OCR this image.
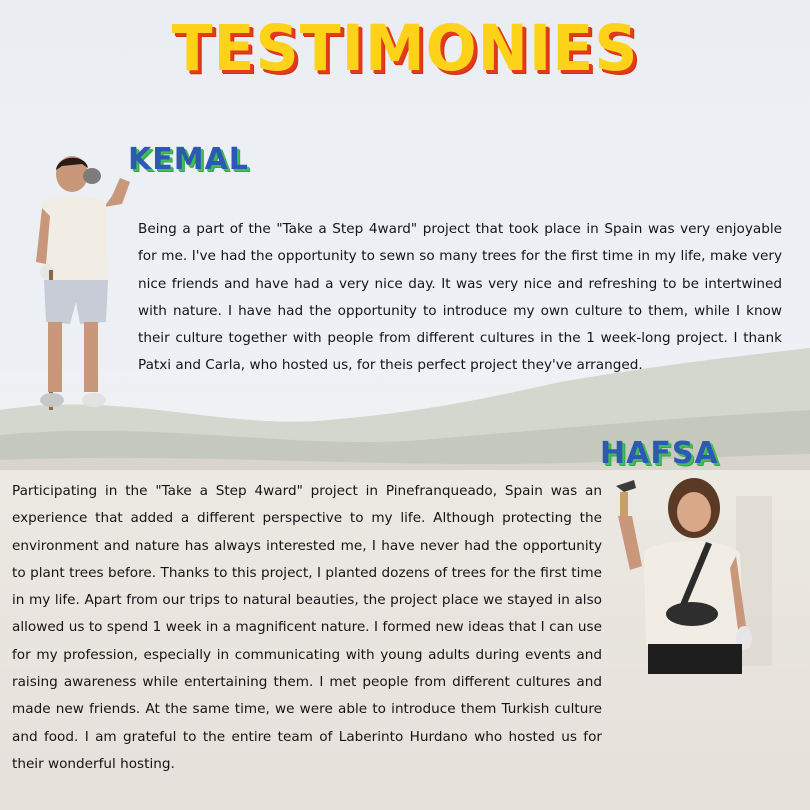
TESTIMONIES
KEMAL

Being a part of the "Take a Step 4ward" project that took place in Spain was very enjoyable for me. I've had the opportunity to sewn so many trees for the first time in my life, make very nice friends and have had a very nice day. It was very nice and refreshing to be intertwined with nature. I have had the opportunity to introduce my own culture to them, while I know their culture together with people from different cultures in the 1 week-long project. I thank Patxi and Carla, who hosted us, for theis perfect project they've arranged.

HAFSA

Participating in the "Take a Step 4ward" project in Pinefranqueado, Spain was an experience that added a different perspective to my life. Although protecting the environment and nature has always interested me, I have never had the opportunity to plant trees before. Thanks to this project, I planted dozens of trees for the first time in my life. Apart from our trips to natural beauties, the project place we stayed in also allowed us to spend 1 week in a magnificent nature. I formed new ideas that I can use for my profession, especially in communicating with young adults during events and raising awareness while entertaining them. I met people from different cultures and made new friends. At the same time, we were able to introduce them Turkish culture and food. I am grateful to the entire team of Laberinto Hurdano who hosted us for their wonderful hosting.
